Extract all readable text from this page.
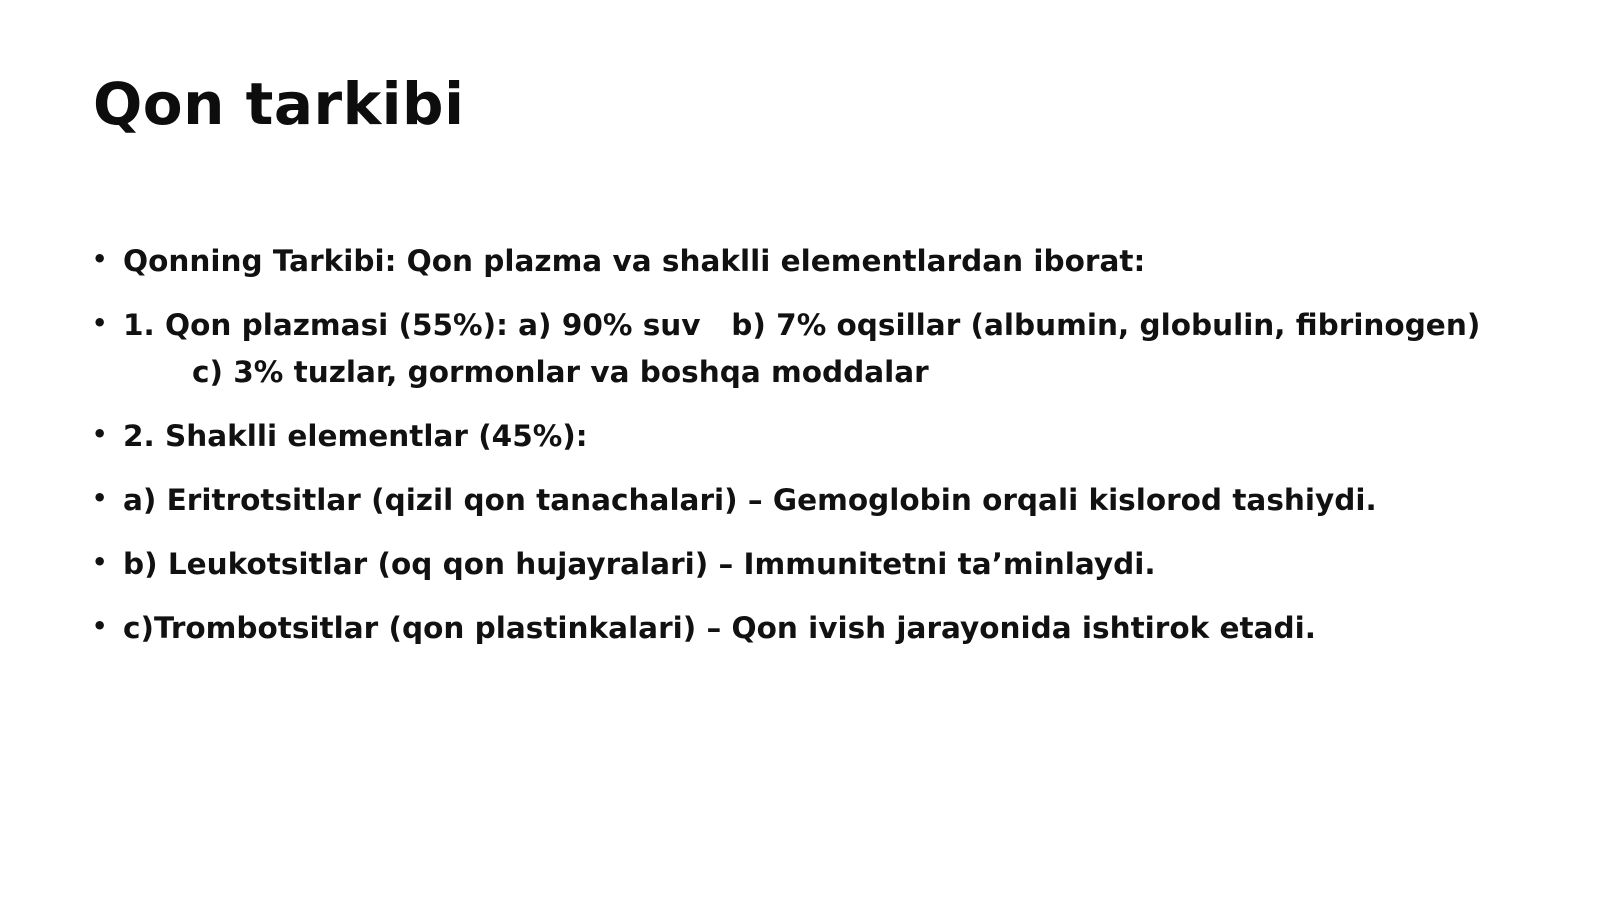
Qon tarkibi
• Qonning Tarkibi: Qon plazma va shaklli elementlardan iborat:
• 1. Qon plazmasi (55%): a) 90% suv   b) 7% oqsillar (albumin, globulin, fibrinogen)
c) 3% tuzlar, gormonlar va boshqa moddalar
• 2. Shaklli elementlar (45%):
• a) Eritrotsitlar (qizil qon tanachalari) – Gemoglobin orqali kislorod tashiydi.
• b) Leukotsitlar (oq qon hujayralari) – Immunitetni ta’minlaydi.
• c)Trombotsitlar (qon plastinkalari) – Qon ivish jarayonida ishtirok etadi.
